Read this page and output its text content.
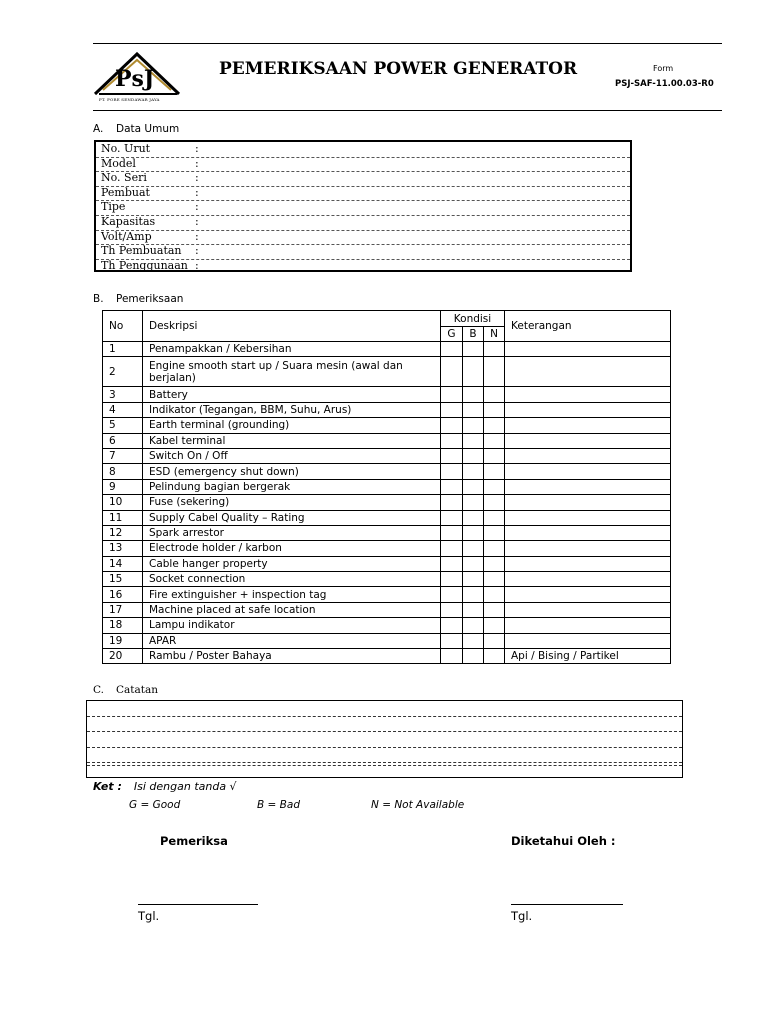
PsJ
PT. PORE SENDAWAR JAYA
PEMERIKSAAN POWER GENERATOR	Form
PSJ-SAF-11.00.03-R0
A. Data Umum
No. Urut	:
Model	:
No. Seri	:
Pembuat	:
Tipe	:
Kapasitas	:
Volt/Amp	:
Th Pembuatan :
Th Penggunaan :
B. Pemeriksaan
No	Deskripsi	Kondisi			Keterangan
		G	B	N	
1	Penampakkan / Kebersihan				
2	Engine smooth start up / Suara mesin (awal dan berjalan)				
3	Battery				
4	Indikator (Tegangan, BBM, Suhu, Arus)				
5	Earth terminal (grounding)				
6	Kabel terminal				
7	Switch On / Off				
8	ESD (emergency shut down)				
9	Pelindung bagian bergerak				
10	Fuse (sekering)				
11	Supply Cabel Quality – Rating				
12	Spark arrestor				
13	Electrode holder / karbon				
14	Cable hanger property				
15	Socket connection				
16	Fire extinguisher + inspection tag				
17	Machine placed at safe location				
18	Lampu indikator				
19	APAR				
20	Rambu / Poster Bahaya				Api / Bising / Partikel
C. Catatan
Ket : Isi dengan tanda √
G = Good	B = Bad	N = Not Available
Pemeriksa	Diketahui Oleh :
Tgl.	Tgl.
